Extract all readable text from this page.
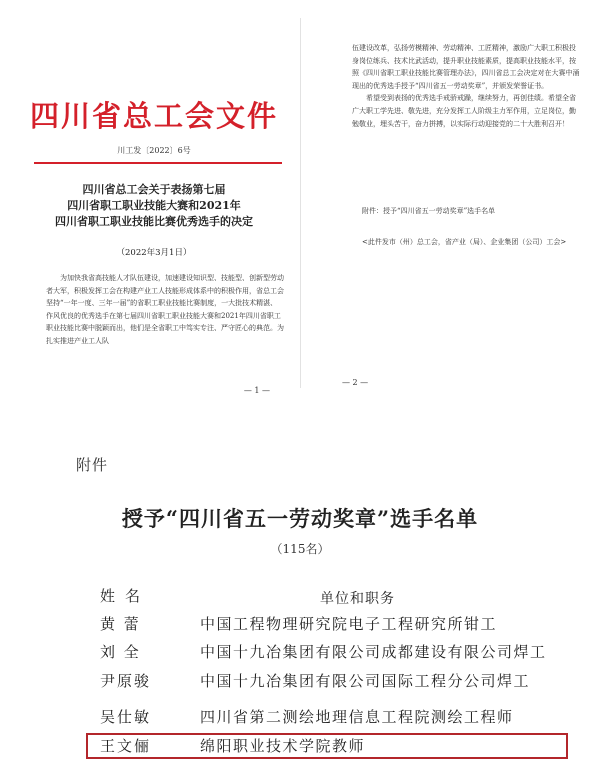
四川省总工会文件
川工发〔2022〕6号
四川省总工会关于表扬第七届
四川省职工职业技能大赛和2021年
四川省职工职业技能比赛优秀选手的决定
（2022年3月1日）
为加快我省高技能人才队伍建设，加速建设知识型、技能型、创新型劳动者大军，积极发挥工会在构建产业工人技能形成体系中的积极作用，省总工会坚持“一年一度、三年一届”的省职工职业技能比赛制度，一大批技术精湛、作风优良的优秀选手在第七届四川省职工职业技能大赛和2021年四川省职工职业技能比赛中脱颖而出，他们是全省职工中笃实专注、严守匠心的典范。为扎实推进产业工人队
— 1 —

伍建设改革，弘扬劳模精神、劳动精神、工匠精神，激励广大职工积极投身岗位练兵、技术比武活动，提升职业技能素质，提高职业技能水平，按照《四川省职工职业技能比赛管理办法》，四川省总工会决定对在大赛中涌现出的优秀选手授予“四川省五一劳动奖章”，并颁发荣誉证书。

希望受到表扬的优秀选手戒骄戒躁，继续努力，再创佳绩。希望全省广大职工学先进、敬先进，充分发挥工人阶级主力军作用，立足岗位，勤勉敬业，埋头苦干，奋力拼搏，以实际行动迎接党的二十大胜利召开！

附件：授予“四川省五一劳动奖章”选手名单
<此件发市（州）总工会，省产业（局）、企业集团（公司）工会>
— 2 —
附件
授予“四川省五一劳动奖章”选手名单
（115名）
姓名	单位和职务
黄 蕾	中国工程物理研究院电子工程研究所钳工
刘 全	中国十九冶集团有限公司成都建设有限公司焊工
尹原骏	中国十九冶集团有限公司国际工程分公司焊工
吴仕敏	四川省第二测绘地理信息工程院测绘工程师
王文俪	绵阳职业技术学院教师
